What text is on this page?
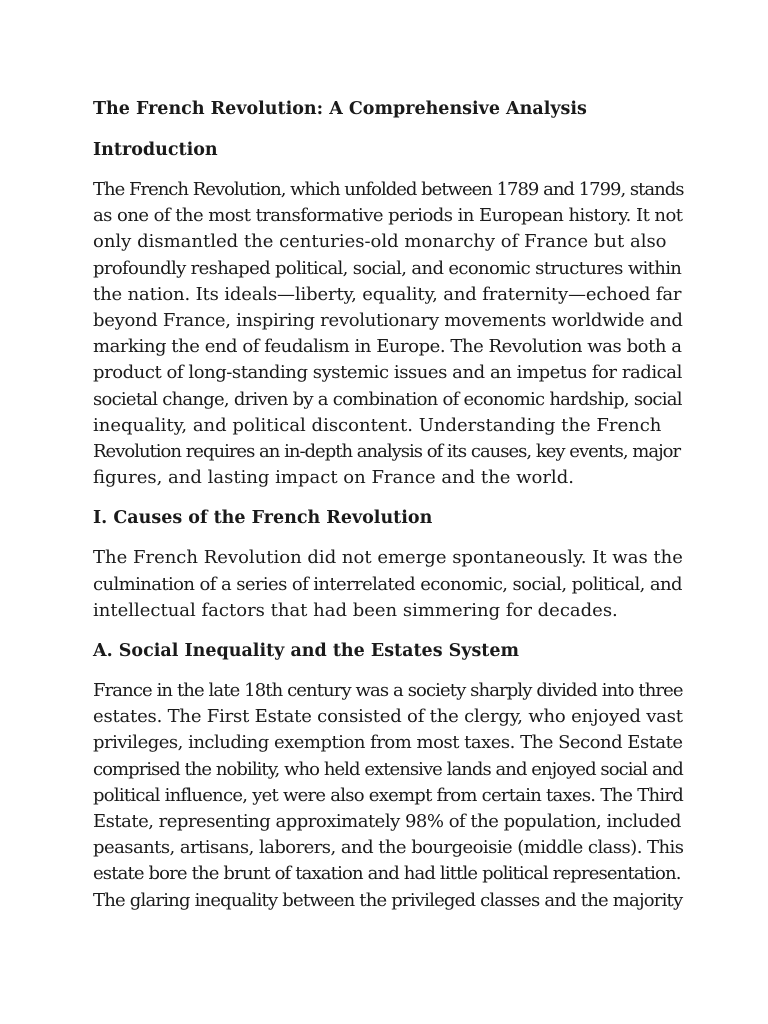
The French Revolution: A Comprehensive Analysis
Introduction
The French Revolution, which unfolded between 1789 and 1799, stands
as one of the most transformative periods in European history. It not
only dismantled the centuries-old monarchy of France but also
profoundly reshaped political, social, and economic structures within
the nation. Its ideals—liberty, equality, and fraternity—echoed far
beyond France, inspiring revolutionary movements worldwide and
marking the end of feudalism in Europe. The Revolution was both a
product of long-standing systemic issues and an impetus for radical
societal change, driven by a combination of economic hardship, social
inequality, and political discontent. Understanding the French
Revolution requires an in-depth analysis of its causes, key events, major
figures, and lasting impact on France and the world.
I. Causes of the French Revolution
The French Revolution did not emerge spontaneously. It was the
culmination of a series of interrelated economic, social, political, and
intellectual factors that had been simmering for decades.
A. Social Inequality and the Estates System
France in the late 18th century was a society sharply divided into three
estates. The First Estate consisted of the clergy, who enjoyed vast
privileges, including exemption from most taxes. The Second Estate
comprised the nobility, who held extensive lands and enjoyed social and
political influence, yet were also exempt from certain taxes. The Third
Estate, representing approximately 98% of the population, included
peasants, artisans, laborers, and the bourgeoisie (middle class). This
estate bore the brunt of taxation and had little political representation.
The glaring inequality between the privileged classes and the majority
